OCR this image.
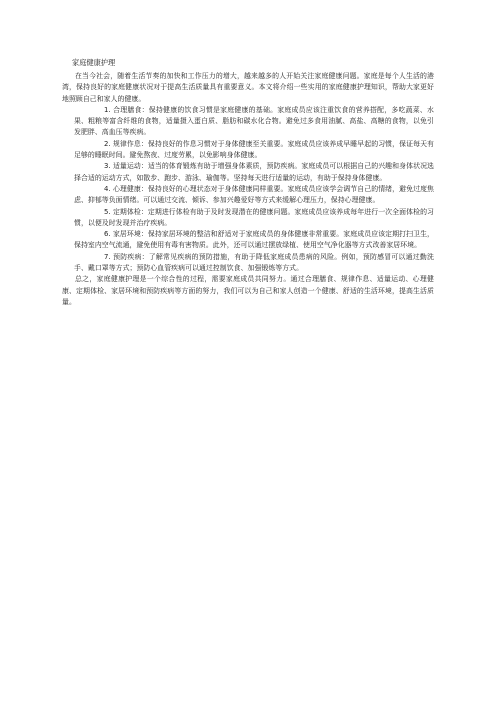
家庭健康护理

在当今社会，随着生活节奏的加快和工作压力的增大，越来越多的人开始关注家庭健康问题。家庭是每个人生活的港湾，保持良好的家庭健康状况对于提高生活质量具有重要意义。本文将介绍一些实用的家庭健康护理知识，帮助大家更好地照顾自己和家人的健康。

1. 合理膳食：保持健康的饮食习惯是家庭健康的基础。家庭成员应该注重饮食的营养搭配，多吃蔬菜、水果、粗粮等富含纤维的食物，适量摄入蛋白质、脂肪和碳水化合物。避免过多食用油腻、高盐、高糖的食物，以免引发肥胖、高血压等疾病。

2. 规律作息：保持良好的作息习惯对于身体健康至关重要。家庭成员应该养成早睡早起的习惯，保证每天有足够的睡眠时间。避免熬夜、过度劳累，以免影响身体健康。

3. 适量运动：适当的体育锻炼有助于增强身体素质，预防疾病。家庭成员可以根据自己的兴趣和身体状况选择合适的运动方式，如散步、跑步、游泳、瑜伽等。坚持每天进行适量的运动，有助于保持身体健康。

4. 心理健康：保持良好的心理状态对于身体健康同样重要。家庭成员应该学会调节自己的情绪，避免过度焦虑、抑郁等负面情绪。可以通过交流、倾诉、参加兴趣爱好等方式来缓解心理压力，保持心理健康。

5. 定期体检：定期进行体检有助于及时发现潜在的健康问题。家庭成员应该养成每年进行一次全面体检的习惯，以便及时发现并治疗疾病。

6. 家居环境：保持家居环境的整洁和舒适对于家庭成员的身体健康非常重要。家庭成员应该定期打扫卫生，保持室内空气流通，避免使用有毒有害物质。此外，还可以通过摆放绿植、使用空气净化器等方式改善家居环境。

7. 预防疾病：了解常见疾病的预防措施，有助于降低家庭成员患病的风险。例如，预防感冒可以通过勤洗手、戴口罩等方式；预防心血管疾病可以通过控制饮食、加强锻炼等方式。

总之，家庭健康护理是一个综合性的过程，需要家庭成员共同努力。通过合理膳食、规律作息、适量运动、心理健康、定期体检、家居环境和预防疾病等方面的努力，我们可以为自己和家人创造一个健康、舒适的生活环境，提高生活质量。
